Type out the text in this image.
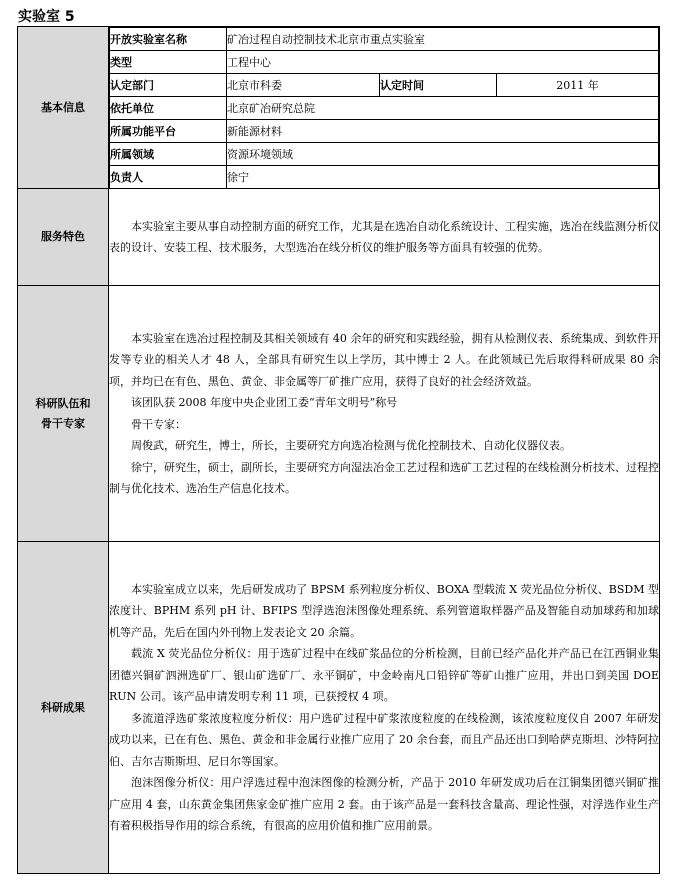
实验室 5
基本信息	
开放实验室名称	矿冶过程自动控制技术北京市重点实验室
类型	工程中心
认定部门	北京市科委	认定时间	2011 年
依托单位	北京矿冶研究总院
所属功能平台	新能源材料
所属领域	资源环境领域
负责人	徐宁

服务特色	

本实验室主要从事自动控制方面的研究工作，尤其是在选冶自动化系统设计、工程实施，选冶在线监测分析仪表的设计、安装工程、技术服务，大型选冶在线分析仪的维护服务等方面具有较强的优势。

科研队伍和
骨干专家	

本实验室在选冶过程控制及其相关领域有 40 余年的研究和实践经验，拥有从检测仪表、系统集成、到软件开发等专业的相关人才 48 人，全部具有研究生以上学历，其中博士 2 人。在此领域已先后取得科研成果 80 余项，并均已在有色、黑色、黄金、非金属等厂矿推广应用，获得了良好的社会经济效益。

该团队获 2008 年度中央企业团工委“青年文明号”称号

骨干专家：

周俊武，研究生，博士，所长，主要研究方向选冶检测与优化控制技术、自动化仪器仪表。

徐宁，研究生，硕士，副所长，主要研究方向湿法冶金工艺过程和选矿工艺过程的在线检测分析技术、过程控制与优化技术、选冶生产信息化技术。

科研成果	

本实验室成立以来，先后研发成功了 BPSM 系列粒度分析仪、BOXA 型载流 X 荧光品位分析仪、BSDM 型浓度计、BPHM 系列 pH 计、BFIPS 型浮选泡沫图像处理系统、系列管道取样器产品及智能自动加球药和加球机等产品，先后在国内外刊物上发表论文 20 余篇。

载流 X 荧光品位分析仪：用于选矿过程中在线矿浆品位的分析检测，目前已经产品化并产品已在江西铜业集团德兴铜矿泗洲选矿厂、银山矿选矿厂、永平铜矿，中金岭南凡口铅锌矿等矿山推广应用，并出口到美国 DOE RUN 公司。该产品申请发明专利 11 项，已获授权 4 项。

多流道浮选矿浆浓度粒度分析仪：用户选矿过程中矿浆浓度粒度的在线检测，该浓度粒度仪自 2007 年研发成功以来，已在有色、黑色、黄金和非金属行业推广应用了 20 余台套，而且产品还出口到哈萨克斯坦、沙特阿拉伯、吉尔吉斯斯坦、尼日尔等国家。

泡沫图像分析仪：用户浮选过程中泡沫图像的检测分析，产品于 2010 年研发成功后在江铜集团德兴铜矿推广应用 4 套，山东黄金集团焦家金矿推广应用 2 套。由于该产品是一套科技含量高、理论性强，对浮选作业生产有着积极指导作用的综合系统，有很高的应用价值和推广应用前景。
